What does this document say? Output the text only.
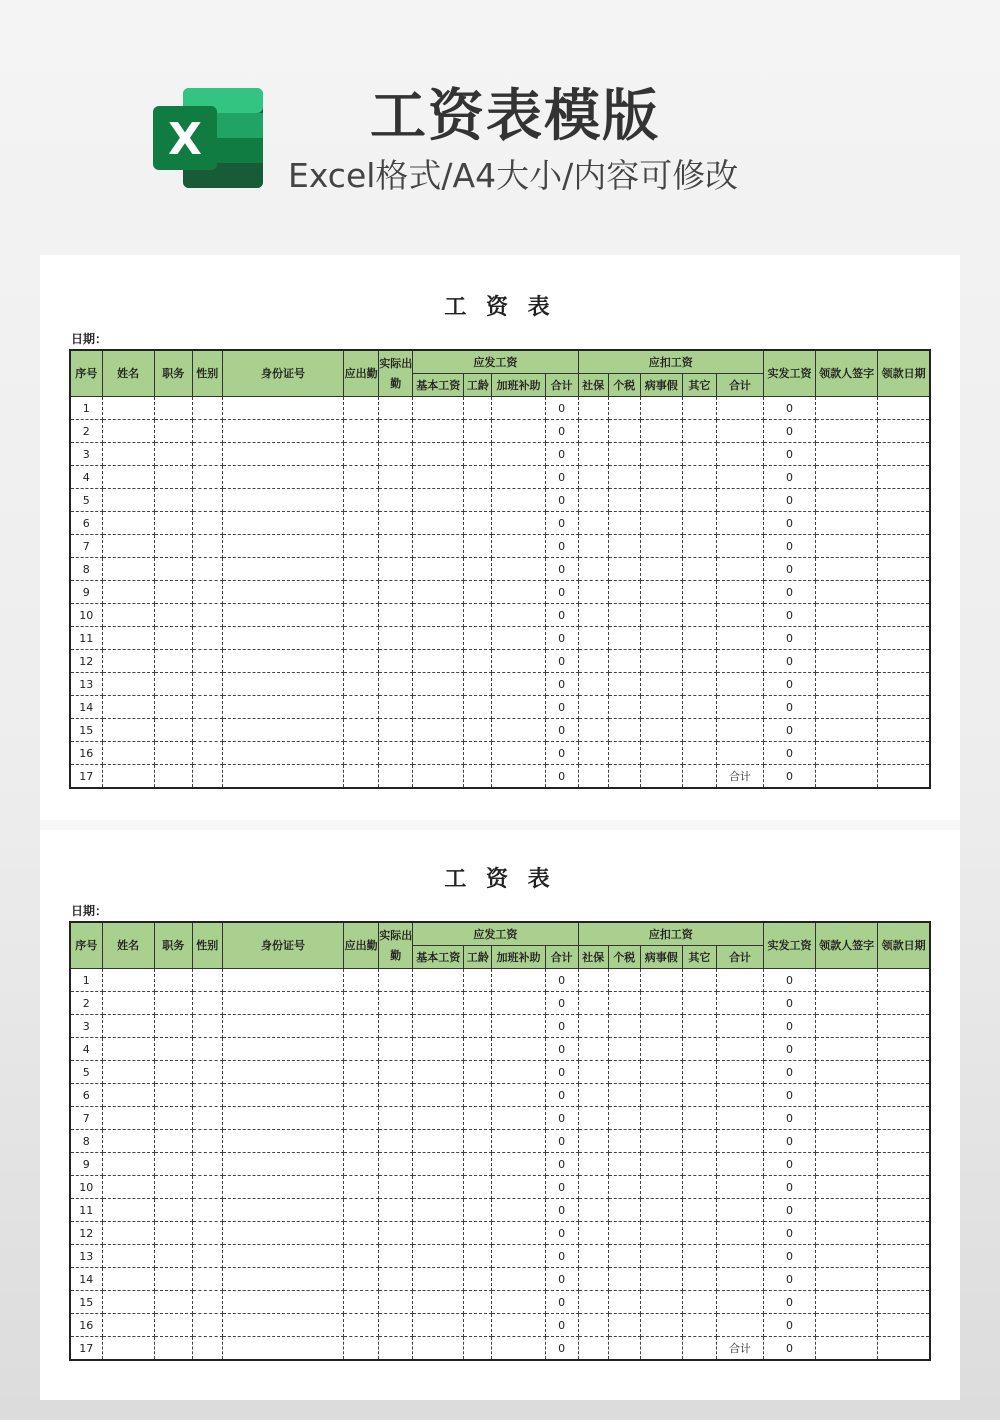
X	工资表模版
Excel格式/A4大小/内容可修改
工 资 表
日期：
序号	姓名	职务	性别	身份证号	应出勤	实际出勤	应发工资	应扣工资	实发工资	领款人签字	领款日期
基本工资	工龄	加班补助	合计	社保	个税	病事假	其它	合计
1										0						0		
2										0						0		
3										0						0		
4										0						0		
5										0						0		
6										0						0		
7										0						0		
8										0						0		
9										0						0		
10										0						0		
11										0						0		
12										0						0		
13										0						0		
14										0						0		
15										0						0		
16										0						0		
17										0					合计	0		
工 资 表
日期：
序号	姓名	职务	性别	身份证号	应出勤	实际出勤	应发工资	应扣工资	实发工资	领款人签字	领款日期
基本工资	工龄	加班补助	合计	社保	个税	病事假	其它	合计
1										0						0		
2										0						0		
3										0						0		
4										0						0		
5										0						0		
6										0						0		
7										0						0		
8										0						0		
9										0						0		
10										0						0		
11										0						0		
12										0						0		
13										0						0		
14										0						0		
15										0						0		
16										0						0		
17										0					合计	0		
